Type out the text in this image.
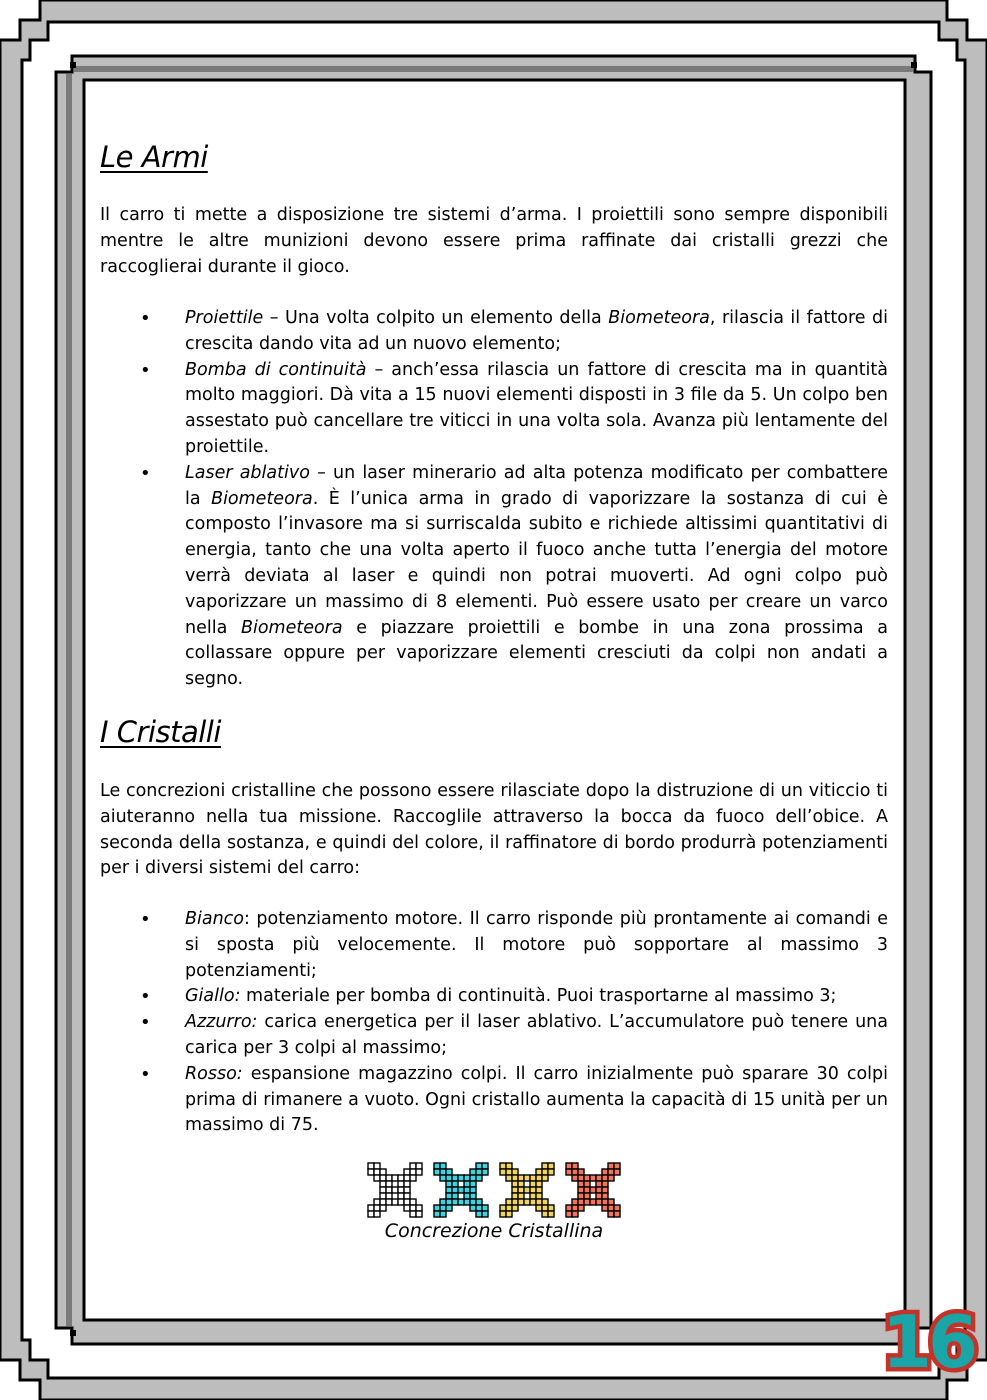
Le Armi

Il carro ti mette a disposizione tre sistemi d’arma. I proiettili sono sempre disponibili mentre le altre munizioni devono essere prima raffinate dai cristalli grezzi che raccoglierai durante il gioco.

• Proiettile – Una volta colpito un elemento della Biometeora, rilascia il fattore di crescita dando vita ad un nuovo elemento;
• Bomba di continuità – anch’essa rilascia un fattore di crescita ma in quantità molto maggiori. Dà vita a 15 nuovi elementi disposti in 3 file da 5. Un colpo ben assestato può cancellare tre viticci in una volta sola. Avanza più lentamente del proiettile.
• Laser ablativo – un laser minerario ad alta potenza modificato per combattere la Biometeora. È l’unica arma in grado di vaporizzare la sostanza di cui è composto l’invasore ma si surriscalda subito e richiede altissimi quantitativi di energia, tanto che una volta aperto il fuoco anche tutta l’energia del motore verrà deviata al laser e quindi non potrai muoverti. Ad ogni colpo può vaporizzare un massimo di 8 elementi. Può essere usato per creare un varco nella Biometeora e piazzare proiettili e bombe in una zona prossima a collassare oppure per vaporizzare elementi cresciuti da colpi non andati a segno.
I Cristalli

Le concrezioni cristalline che possono essere rilasciate dopo la distruzione di un viticcio ti aiuteranno nella tua missione. Raccoglile attraverso la bocca da fuoco dell’obice. A seconda della sostanza, e quindi del colore, il raffinatore di bordo produrrà potenziamenti per i diversi sistemi del carro:

• Bianco: potenziamento motore. Il carro risponde più prontamente ai comandi e si sposta più velocemente. Il motore può sopportare al massimo 3 potenziamenti;
• Giallo: materiale per bomba di continuità. Puoi trasportarne al massimo 3;
• Azzurro: carica energetica per il laser ablativo. L’accumulatore può tenere una carica per 3 colpi al massimo;
• Rosso: espansione magazzino colpi. Il carro inizialmente può sparare 30 colpi prima di rimanere a vuoto. Ogni cristallo aumenta la capacità di 15 unità per un massimo di 75.
Concrezione Cristallina
16
